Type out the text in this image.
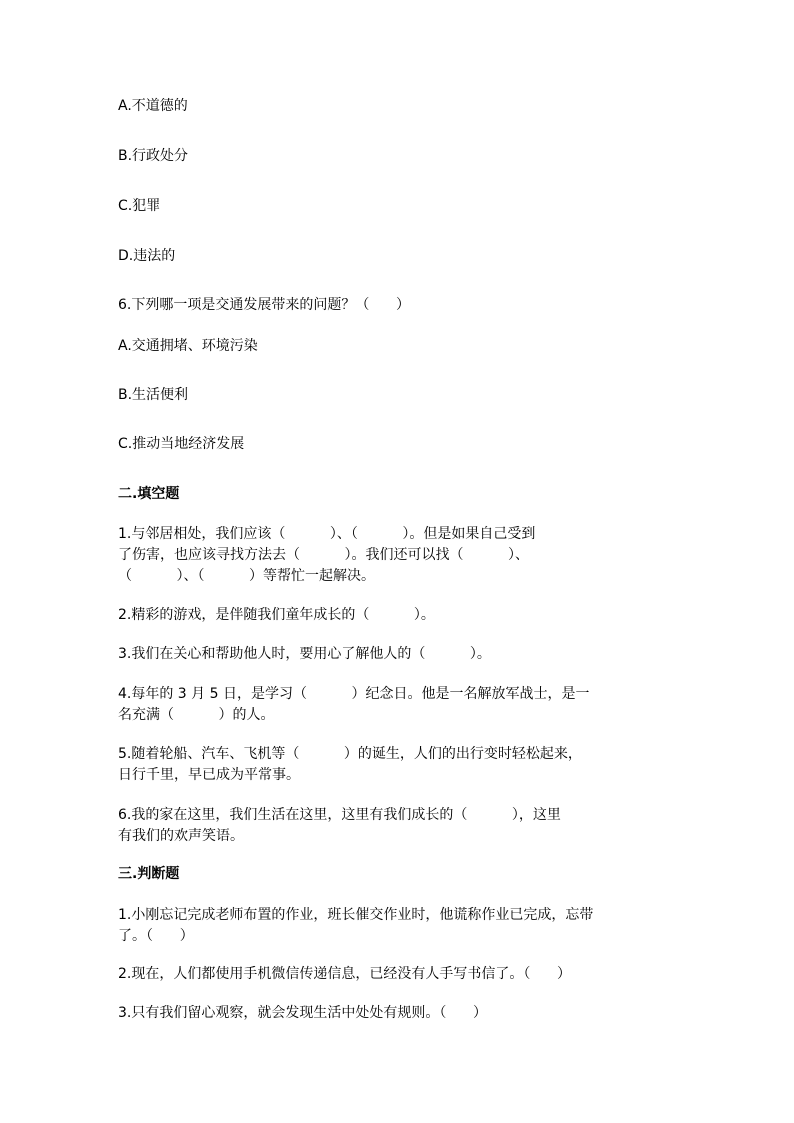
A.不道德的
B.行政处分
C.犯罪
D.违法的
6.下列哪一项是交通发展带来的问题？（      ）
A.交通拥堵、环境污染
B.生活便利
C.推动当地经济发展
二.填空题
1.与邻居相处，我们应该（          ）、（          ）。但是如果自己受到
了伤害，也应该寻找方法去（          ）。我们还可以找（          ）、
（          ）、（          ）等帮忙一起解决。
2.精彩的游戏，是伴随我们童年成长的（          ）。
3.我们在关心和帮助他人时，要用心了解他人的（          ）。
4.每年的 3 月 5 日，是学习（          ）纪念日。他是一名解放军战士，是一
名充满（          ）的人。
5.随着轮船、汽车、飞机等（          ）的诞生，人们的出行变时轻松起来，
日行千里，早已成为平常事。
6.我的家在这里，我们生活在这里，这里有我们成长的（          ），这里
有我们的欢声笑语。
三.判断题
1.小刚忘记完成老师布置的作业，班长催交作业时，他谎称作业已完成，忘带
了。（      ）
2.现在，人们都使用手机微信传递信息，已经没有人手写书信了。（      ）
3.只有我们留心观察，就会发现生活中处处有规则。（      ）
